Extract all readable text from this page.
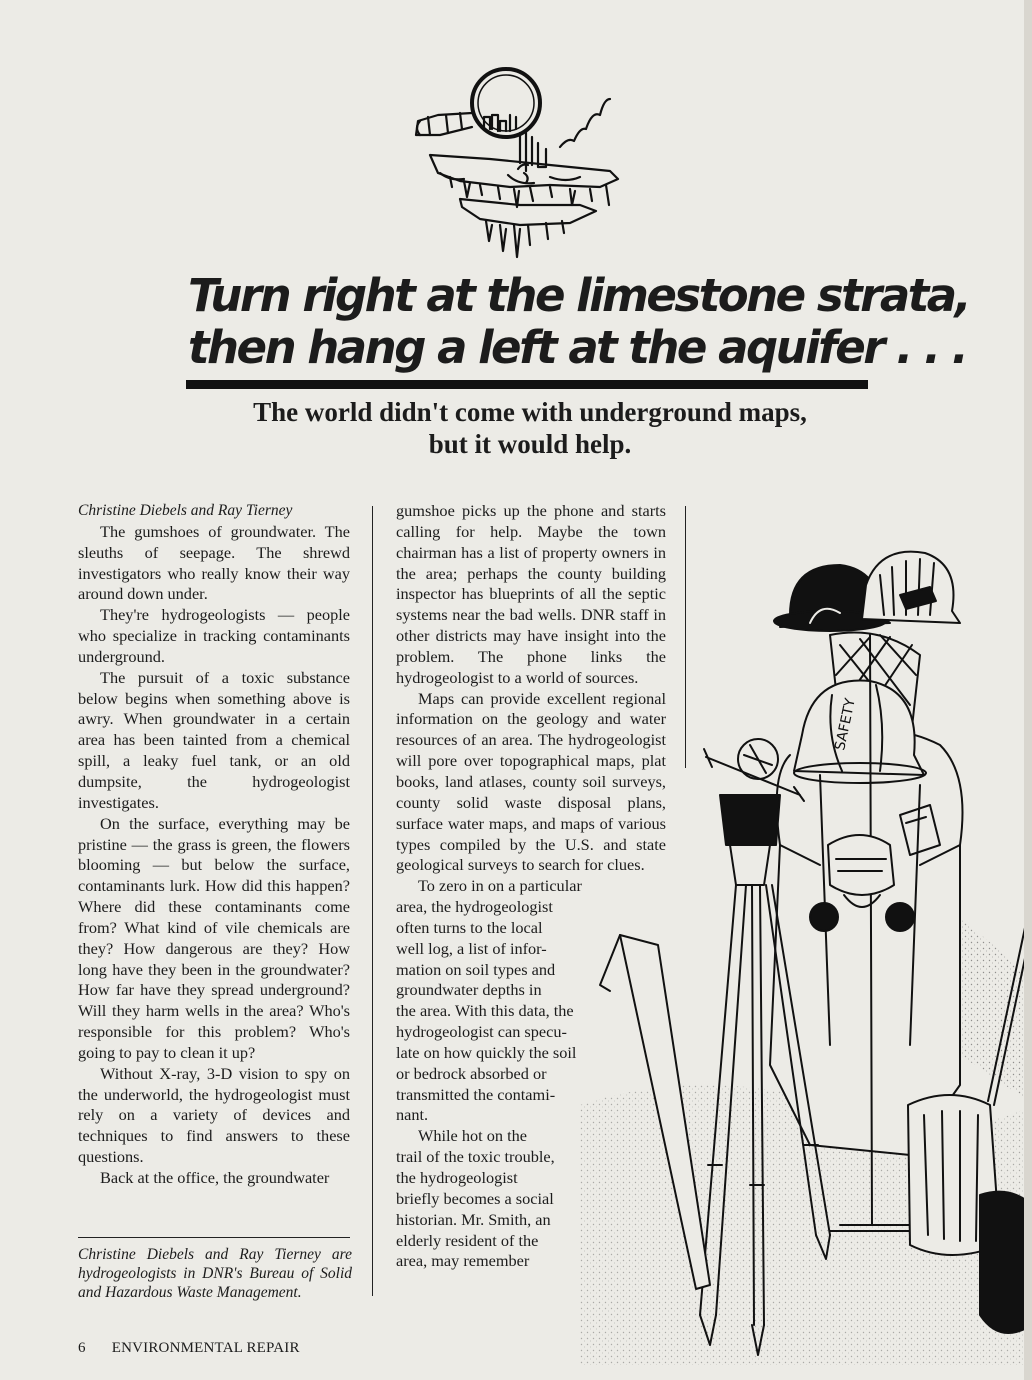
Turn right at the limestone strata,
then hang a left at the aquifer . . .
The world didn't come with underground maps,
but it would help.

Christine Diebels and Ray Tierney

The gumshoes of groundwater. The sleuths of seepage. The shrewd investigators who really know their way around down under.

They're hydrogeologists — people who specialize in tracking contaminants underground.

The pursuit of a toxic substance below begins when something above is awry. When groundwater in a certain area has been tainted from a chemical spill, a leaky fuel tank, or an old dumpsite, the hydrogeologist investigates.

On the surface, everything may be pristine — the grass is green, the flowers blooming — but below the surface, contaminants lurk. How did this happen? Where did these contaminants come from? What kind of vile chemicals are they? How dangerous are they? How long have they been in the groundwater? How far have they spread underground? Will they harm wells in the area? Who's responsible for this problem? Who's going to pay to clean it up?

Without X-ray, 3-D vision to spy on the underworld, the hydrogeologist must rely on a variety of devices and techniques to find answers to these questions.

Back at the office, the groundwater

gumshoe picks up the phone and starts calling for help. Maybe the town chairman has a list of property owners in the area; perhaps the county building inspector has blueprints of all the septic systems near the bad wells. DNR staff in other districts may have insight into the problem. The phone links the hydrogeologist to a world of sources.

Maps can provide excellent regional information on the geology and water resources of an area. The hydrogeologist will pore over topographical maps, plat books, land atlases, county soil surveys, county solid waste disposal plans, surface water maps, and maps of various types compiled by the U.S. and state geological surveys to search for clues.

To zero in on a particular
area, the hydrogeologist
often turns to the local
well log, a list of infor-
mation on soil types and
groundwater depths in
the area. With this data, the
hydrogeologist can specu-
late on how quickly the soil
or bedrock absorbed or
transmitted the contami-
nant.

While hot on the
trail of the toxic trouble,
the hydrogeologist
briefly becomes a social
historian. Mr. Smith, an
elderly resident of the
area, may remember

Christine Diebels and Ray Tierney are hydrogeologists in DNR's Bureau of Solid and Hazardous Waste Management.

SAFETY
6 ENVIRONMENTAL REPAIR
